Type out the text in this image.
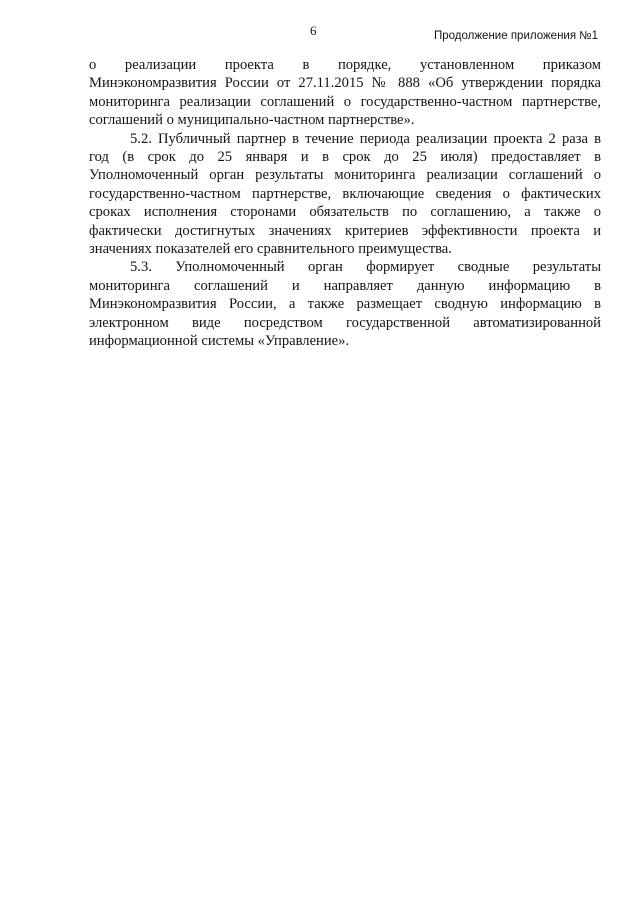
6	Продолжение приложения №1

о реализации проекта в порядке, установленном приказом
Минэкономразвития России от 27.11.2015 № 888 «Об утверждении порядка
мониторинга реализации соглашений о государственно-частном партнерстве,
соглашений о муниципально-частном партнерстве».

5.2. Публичный партнер в течение периода реализации проекта 2 раза в
год (в срок до 25 января и в срок до 25 июля) предоставляет в
Уполномоченный орган результаты мониторинга реализации соглашений о
государственно-частном партнерстве, включающие сведения о фактических
сроках исполнения сторонами обязательств по соглашению, а также о
фактически достигнутых значениях критериев эффективности проекта и
значениях показателей его сравнительного преимущества.

5.3. Уполномоченный орган формирует сводные результаты
мониторинга соглашений и направляет данную информацию в
Минэкономразвития России, а также размещает сводную информацию в
электронном виде посредством государственной автоматизированной
информационной системы «Управление».
